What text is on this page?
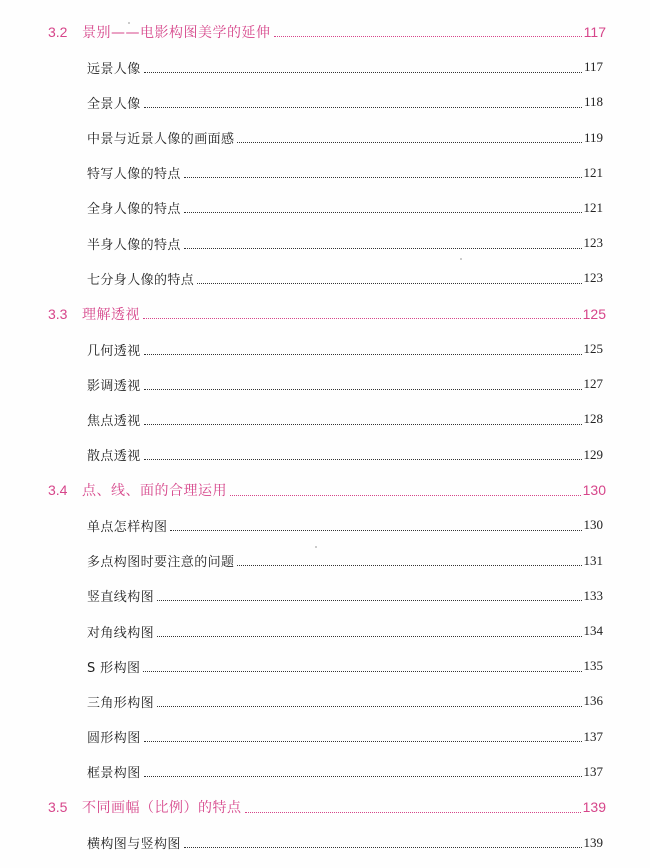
3.2	景别——电影构图美学的延伸	117
远景人像	117
全景人像	118
中景与近景人像的画面感	119
特写人像的特点	121
全身人像的特点	121
半身人像的特点	123
七分身人像的特点	123
3.3	理解透视	125
几何透视	125
影调透视	127
焦点透视	128
散点透视	129
3.4	点、线、面的合理运用	130
单点怎样构图	130
多点构图时要注意的问题	131
竖直线构图	133
对角线构图	134
S 形构图	135
三角形构图	136
圆形构图	137
框景构图	137
3.5	不同画幅（比例）的特点	139
横构图与竖构图	139
